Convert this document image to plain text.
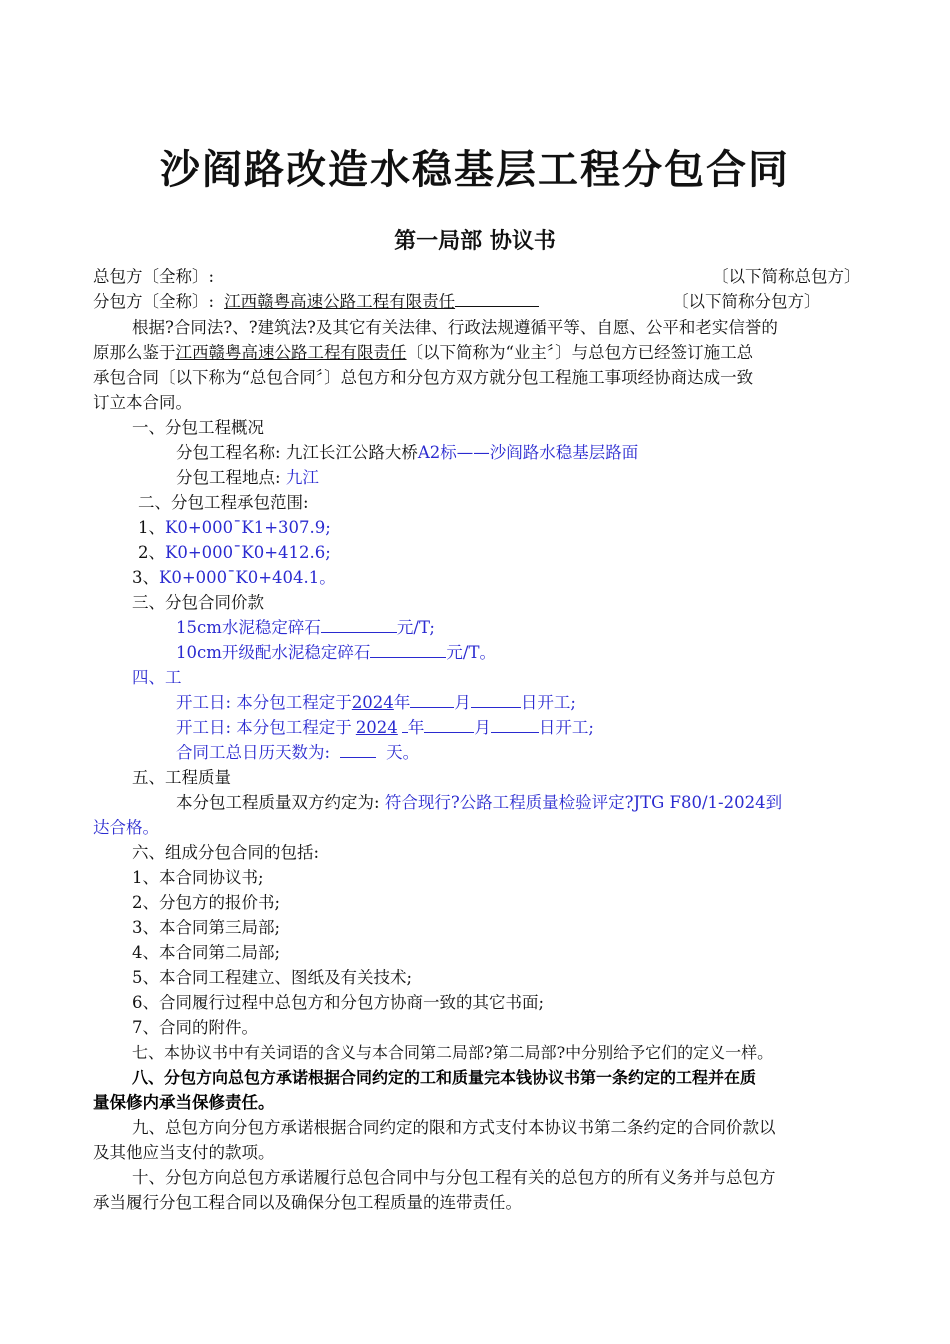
沙阎路改造水稳基层工程分包合同
第一局部 协议书
总包方〔全称〕:	〔以下简称总包方〕
分包方〔全称〕: 江西赣粤高速公路工程有限责任	〔以下简称分包方〕
根据?合同法?、?建筑法?及其它有关法律、行政法规遵循平等、自愿、公平和老实信誉的
原那么鉴于江西赣粤高速公路工程有限责任〔以下简称为“业主〞〕与总包方已经签订施工总
承包合同〔以下称为“总包合同〞〕总包方和分包方双方就分包工程施工事项经协商达成一致
订立本合同。
一、分包工程概况
分包工程名称: 九江长江公路大桥A2标——沙阎路水稳基层路面
分包工程地点: 九江
二、分包工程承包范围:
1、K0+000¯K1+307.9;
2、K0+000¯K0+412.6;
3、K0+000¯K0+404.1。
三、分包合同价款
15cm水泥稳定碎石	元/T;
10cm开级配水泥稳定碎石	元/T。
四、工
开工日: 本分包工程定于2024年	月	日开工;
开工日: 本分包工程定于 2024 年	月	日开工;
合同工总日历天数为:	天。
五、工程质量
本分包工程质量双方约定为: 符合现行?公路工程质量检验评定?JTG F80/1-2024到
达合格。
六、组成分包合同的包括:
1、本合同协议书;
2、分包方的报价书;
3、本合同第三局部;
4、本合同第二局部;
5、本合同工程建立、图纸及有关技术;
6、合同履行过程中总包方和分包方协商一致的其它书面;
7、合同的附件。
七、本协议书中有关词语的含义与本合同第二局部?第二局部?中分别给予它们的定义一样。
八、分包方向总包方承诺根据合同约定的工和质量完本钱协议书第一条约定的工程并在质
量保修内承当保修责任。
九、总包方向分包方承诺根据合同约定的限和方式支付本协议书第二条约定的合同价款以
及其他应当支付的款项。
十、分包方向总包方承诺履行总包合同中与分包工程有关的总包方的所有义务并与总包方
承当履行分包工程合同以及确保分包工程质量的连带责任。
